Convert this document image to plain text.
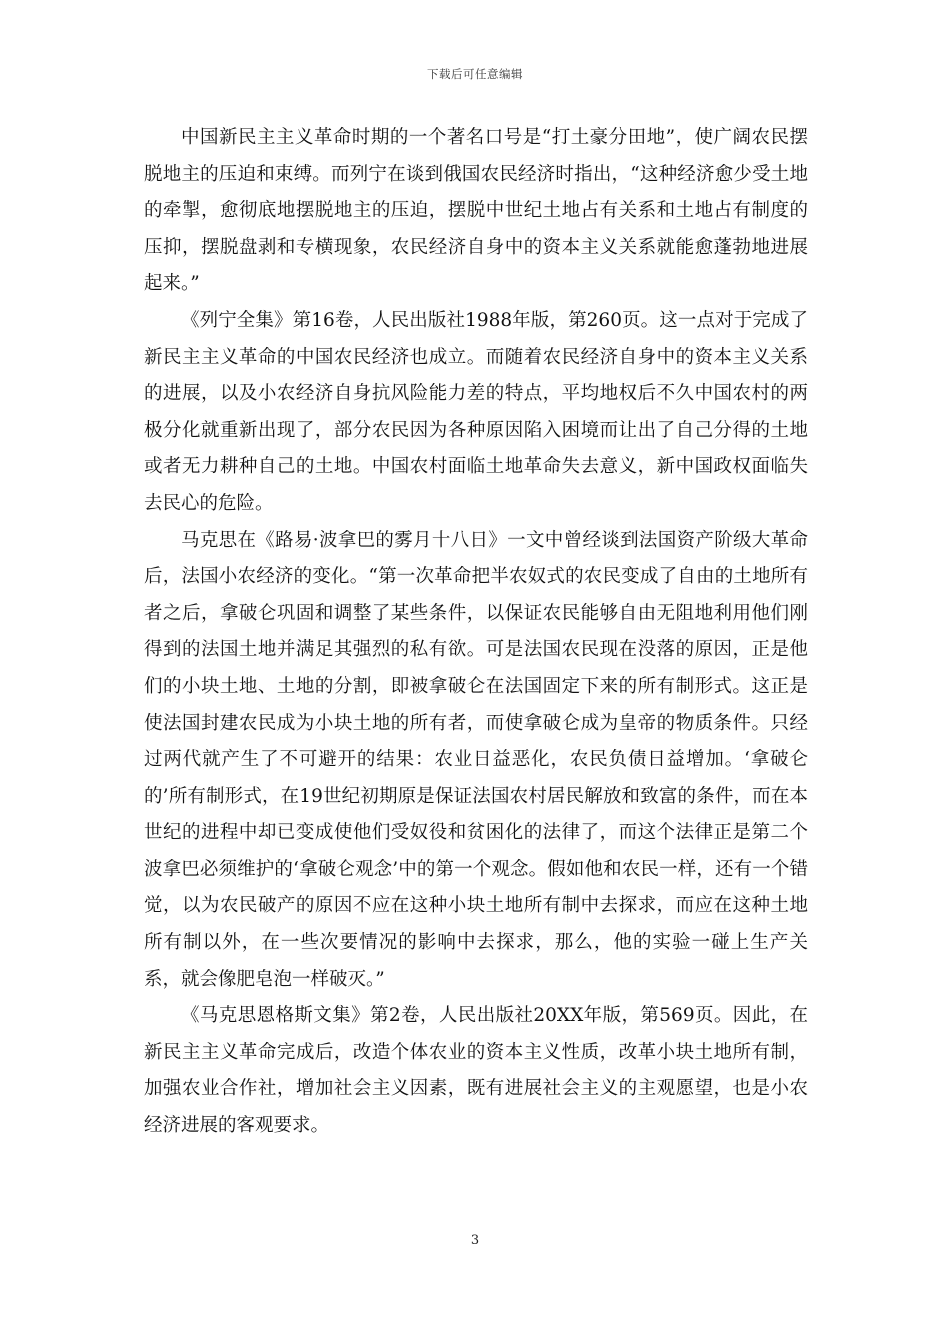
下载后可任意编辑

中国新民主主义革命时期的一个著名口号是“打土豪分田地”，使广阔农民摆脱地主的压迫和束缚。而列宁在谈到俄国农民经济时指出，“这种经济愈少受土地的牵掣，愈彻底地摆脱地主的压迫，摆脱中世纪土地占有关系和土地占有制度的压抑，摆脱盘剥和专横现象，农民经济自身中的资本主义关系就能愈蓬勃地进展起来。”

《列宁全集》第16卷，人民出版社1988年版，第260页。这一点对于完成了新民主主义革命的中国农民经济也成立。而随着农民经济自身中的资本主义关系的进展，以及小农经济自身抗风险能力差的特点，平均地权后不久中国农村的两极分化就重新出现了，部分农民因为各种原因陷入困境而让出了自己分得的土地或者无力耕种自己的土地。中国农村面临土地革命失去意义，新中国政权面临失去民心的危险。

马克思在《路易·波拿巴的雾月十八日》一文中曾经谈到法国资产阶级大革命后，法国小农经济的变化。“第一次革命把半农奴式的农民变成了自由的土地所有者之后，拿破仑巩固和调整了某些条件，以保证农民能够自由无阻地利用他们刚得到的法国土地并满足其强烈的私有欲。可是法国农民现在没落的原因，正是他们的小块土地、土地的分割，即被拿破仑在法国固定下来的所有制形式。这正是使法国封建农民成为小块土地的所有者，而使拿破仑成为皇帝的物质条件。只经过两代就产生了不可避开的结果：农业日益恶化，农民负债日益增加。‘拿破仑的’所有制形式，在19世纪初期原是保证法国农村居民解放和致富的条件，而在本世纪的进程中却已变成使他们受奴役和贫困化的法律了，而这个法律正是第二个波拿巴必须维护的‘拿破仑观念’中的第一个观念。假如他和农民一样，还有一个错觉，以为农民破产的原因不应在这种小块土地所有制中去探求，而应在这种土地所有制以外，在一些次要情况的影响中去探求，那么，他的实验一碰上生产关系，就会像肥皂泡一样破灭。”

《马克思恩格斯文集》第2卷，人民出版社20XX年版，第569页。因此，在新民主主义革命完成后，改造个体农业的资本主义性质，改革小块土地所有制，加强农业合作社，增加社会主义因素，既有进展社会主义的主观愿望，也是小农经济进展的客观要求。

3
